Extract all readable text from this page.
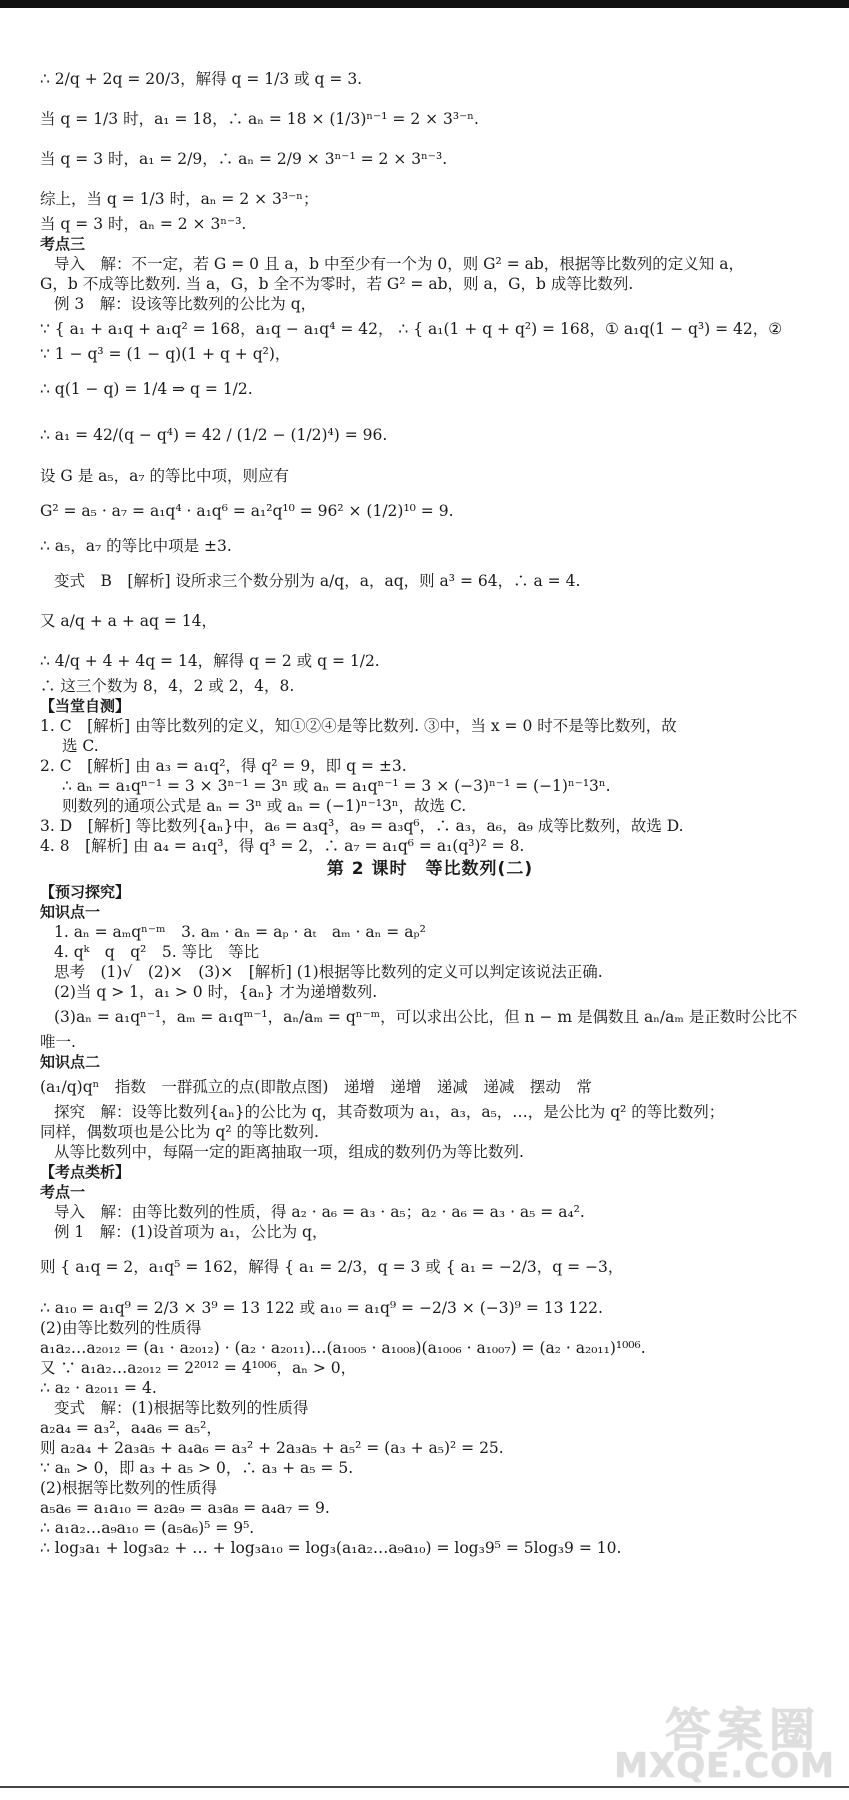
∴ 2/q + 2q = 20/3，解得 q = 1/3 或 q = 3.

当 q = 1/3 时，a₁ = 18，∴ aₙ = 18 × (1/3)ⁿ⁻¹ = 2 × 3³⁻ⁿ.

当 q = 3 时，a₁ = 2/9，∴ aₙ = 2/9 × 3ⁿ⁻¹ = 2 × 3ⁿ⁻³.

综上，当 q = 1/3 时，aₙ = 2 × 3³⁻ⁿ；

当 q = 3 时，aₙ = 2 × 3ⁿ⁻³.

考点三

导入　解：不一定，若 G = 0 且 a，b 中至少有一个为 0，则 G² = ab，根据等比数列的定义知 a，

G，b 不成等比数列. 当 a，G，b 全不为零时，若 G² = ab，则 a，G，b 成等比数列.

例 3　解：设该等比数列的公比为 q，

∵ { a₁ + a₁q + a₁q² = 168，a₁q − a₁q⁴ = 42， ∴ { a₁(1 + q + q²) = 168，① a₁q(1 − q³) = 42，②

∵ 1 − q³ = (1 − q)(1 + q + q²)，

∴ q(1 − q) = 1/4 ⇒ q = 1/2.

∴ a₁ = 42/(q − q⁴) = 42 / (1/2 − (1/2)⁴) = 96.

设 G 是 a₅，a₇ 的等比中项，则应有

G² = a₅ · a₇ = a₁q⁴ · a₁q⁶ = a₁²q¹⁰ = 96² × (1/2)¹⁰ = 9.

∴ a₅，a₇ 的等比中项是 ±3.

变式　B　[解析] 设所求三个数分别为 a/q，a，aq，则 a³ = 64，∴ a = 4.

又 a/q + a + aq = 14，

∴ 4/q + 4 + 4q = 14，解得 q = 2 或 q = 1/2.

∴ 这三个数为 8，4，2 或 2，4，8.

【当堂自测】

1. C　[解析] 由等比数列的定义，知①②④是等比数列. ③中，当 x = 0 时不是等比数列，故

选 C.

2. C　[解析] 由 a₃ = a₁q²，得 q² = 9，即 q = ±3.

∴ aₙ = a₁qⁿ⁻¹ = 3 × 3ⁿ⁻¹ = 3ⁿ 或 aₙ = a₁qⁿ⁻¹ = 3 × (−3)ⁿ⁻¹ = (−1)ⁿ⁻¹3ⁿ.

则数列的通项公式是 aₙ = 3ⁿ 或 aₙ = (−1)ⁿ⁻¹3ⁿ，故选 C.

3. D　[解析] 等比数列{aₙ}中，a₆ = a₃q³，a₉ = a₃q⁶，∴ a₃，a₆，a₉ 成等比数列，故选 D.

4. 8　[解析] 由 a₄ = a₁q³，得 q³ = 2，∴ a₇ = a₁q⁶ = a₁(q³)² = 8.

第 2 课时　等比数列(二)

【预习探究】

知识点一

1. aₙ = aₘqⁿ⁻ᵐ　3. aₘ · aₙ = aₚ · aₜ　aₘ · aₙ = aₚ²

4. qᵏ　q　q²　5. 等比　等比

思考　(1)√　(2)×　(3)×　[解析] (1)根据等比数列的定义可以判定该说法正确.

(2)当 q > 1，a₁ > 0 时，{aₙ} 才为递增数列.

(3)aₙ = a₁qⁿ⁻¹，aₘ = a₁qᵐ⁻¹，aₙ/aₘ = qⁿ⁻ᵐ，可以求出公比，但 n − m 是偶数且 aₙ/aₘ 是正数时公比不

唯一.

知识点二

(a₁/q)qⁿ　指数　一群孤立的点(即散点图)　递增　递增　递减　递减　摆动　常

探究　解：设等比数列{aₙ}的公比为 q，其奇数项为 a₁，a₃，a₅，…，是公比为 q² 的等比数列；

同样，偶数项也是公比为 q² 的等比数列.

从等比数列中，每隔一定的距离抽取一项，组成的数列仍为等比数列.

【考点类析】

考点一

导入　解：由等比数列的性质，得 a₂ · a₆ = a₃ · a₅；a₂ · a₆ = a₃ · a₅ = a₄².

例 1　解：(1)设首项为 a₁，公比为 q，

则 { a₁q = 2，a₁q⁵ = 162，解得 { a₁ = 2/3，q = 3 或 { a₁ = −2/3，q = −3，

∴ a₁₀ = a₁q⁹ = 2/3 × 3⁹ = 13 122 或 a₁₀ = a₁q⁹ = −2/3 × (−3)⁹ = 13 122.

(2)由等比数列的性质得

a₁a₂…a₂₀₁₂ = (a₁ · a₂₀₁₂) · (a₂ · a₂₀₁₁)…(a₁₀₀₅ · a₁₀₀₈)(a₁₀₀₆ · a₁₀₀₇) = (a₂ · a₂₀₁₁)¹⁰⁰⁶.

又 ∵ a₁a₂…a₂₀₁₂ = 2²⁰¹² = 4¹⁰⁰⁶，aₙ > 0，

∴ a₂ · a₂₀₁₁ = 4.

变式　解：(1)根据等比数列的性质得

a₂a₄ = a₃²，a₄a₆ = a₅²，

则 a₂a₄ + 2a₃a₅ + a₄a₆ = a₃² + 2a₃a₅ + a₅² = (a₃ + a₅)² = 25.

∵ aₙ > 0，即 a₃ + a₅ > 0，∴ a₃ + a₅ = 5.

(2)根据等比数列的性质得

a₅a₆ = a₁a₁₀ = a₂a₉ = a₃a₈ = a₄a₇ = 9.

∴ a₁a₂…a₉a₁₀ = (a₅a₆)⁵ = 9⁵.

∴ log₃a₁ + log₃a₂ + … + log₃a₁₀ = log₃(a₁a₂…a₉a₁₀) = log₃9⁵ = 5log₃9 = 10.

答案圈
MXQE.COM
